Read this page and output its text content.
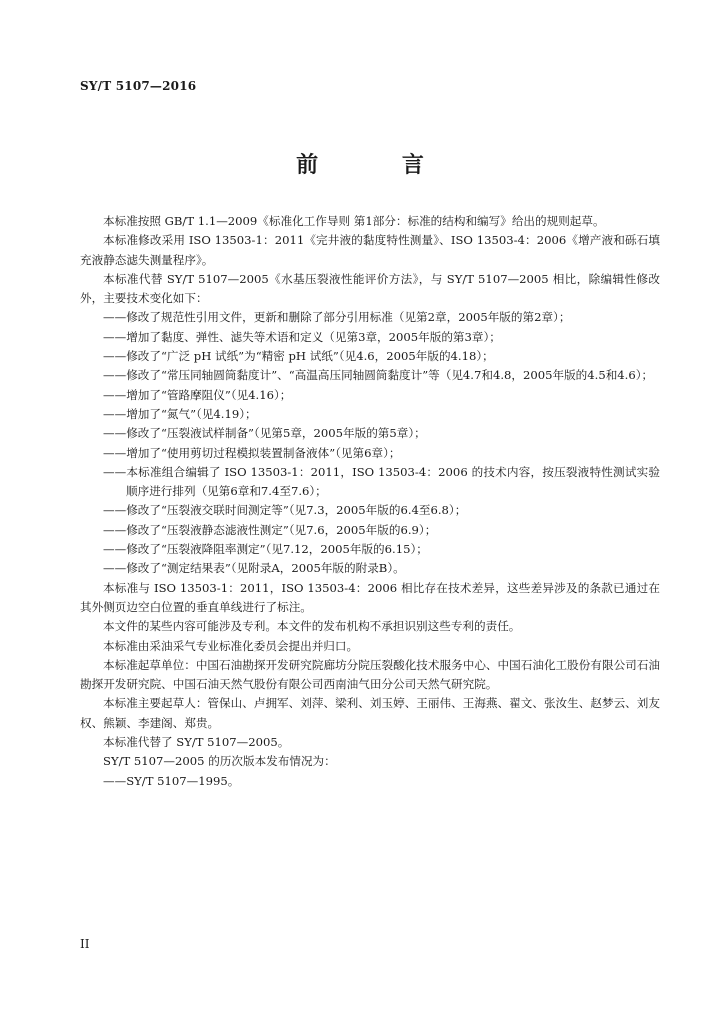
SY/T 5107—2016
前 言

本标准按照 GB/T 1.1—2009《标准化工作导则 第1部分：标准的结构和编写》给出的规则起草。

本标准修改采用 ISO 13503-1：2011《完井液的黏度特性测量》、ISO 13503-4：2006《增产液和砾石填充液静态滤失测量程序》。

本标准代替 SY/T 5107—2005《水基压裂液性能评价方法》，与 SY/T 5107—2005 相比，除编辑性修改外，主要技术变化如下：

——修改了规范性引用文件，更新和删除了部分引用标准（见第2章，2005年版的第2章）；

——增加了黏度、弹性、滤失等术语和定义（见第3章，2005年版的第3章）；

——修改了“广泛 pH 试纸”为“精密 pH 试纸”（见4.6，2005年版的4.18）；

——修改了“常压同轴圆筒黏度计”、“高温高压同轴圆筒黏度计”等（见4.7和4.8，2005年版的4.5和4.6）；

——增加了“管路摩阻仪”（见4.16）；

——增加了“氮气”（见4.19）；

——修改了“压裂液试样制备”（见第5章，2005年版的第5章）；

——增加了“使用剪切过程模拟装置制备液体”（见第6章）；

——本标准组合编辑了 ISO 13503-1：2011，ISO 13503-4：2006 的技术内容，按压裂液特性测试实验顺序进行排列（见第6章和7.4至7.6）；

——修改了“压裂液交联时间测定等”（见7.3，2005年版的6.4至6.8）；

——修改了“压裂液静态滤液性测定”（见7.6，2005年版的6.9）；

——修改了“压裂液降阻率测定”（见7.12，2005年版的6.15）；

——修改了“测定结果表”（见附录A，2005年版的附录B）。

本标准与 ISO 13503-1：2011，ISO 13503-4：2006 相比存在技术差异，这些差异涉及的条款已通过在其外侧页边空白位置的垂直单线进行了标注。

本文件的某些内容可能涉及专利。本文件的发布机构不承担识别这些专利的责任。

本标准由采油采气专业标准化委员会提出并归口。

本标准起草单位：中国石油勘探开发研究院廊坊分院压裂酸化技术服务中心、中国石油化工股份有限公司石油勘探开发研究院、中国石油天然气股份有限公司西南油气田分公司天然气研究院。

本标准主要起草人：管保山、卢拥军、刘萍、梁利、刘玉婷、王丽伟、王海燕、翟文、张汝生、赵梦云、刘友权、熊颖、李建阁、郑贵。

本标准代替了 SY/T 5107—2005。

SY/T 5107—2005 的历次版本发布情况为：

——SY/T 5107—1995。

II
